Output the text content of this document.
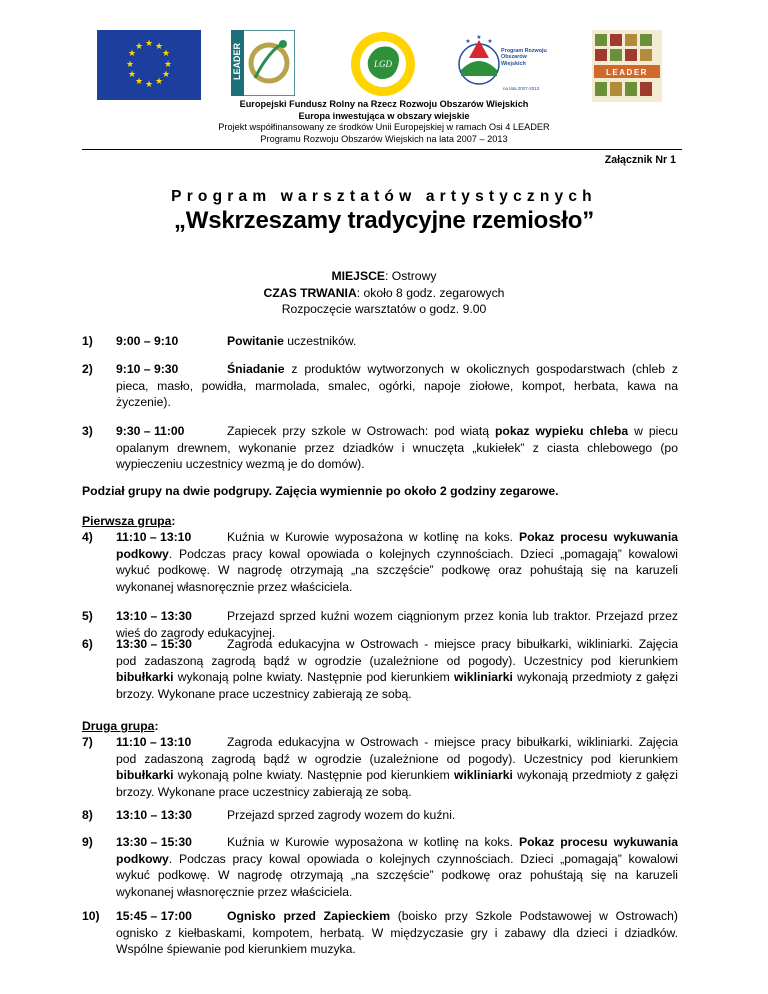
★ ★
★
★
★
★
★
★
★
★
★
★	LEADER	LGD
★
★
★
Program Rozwoju Obszarów Wiejskich
na lata 2007-2013
LEADER
Europejski Fundusz Rolny na Rzecz Rozwoju Obszarów Wiejskich
Europa inwestująca w obszary wiejskie
Projekt współfinansowany ze środków Unii Europejskiej w ramach Osi 4 LEADER
Programu Rozwoju Obszarów Wiejskich na lata 2007 – 2013
Załącznik Nr 1
Program warsztatów artystycznych
„Wskrzeszamy tradycyjne rzemiosło”
MIEJSCE: Ostrowy
CZAS TRWANIA: około 8 godz. zegarowych
Rozpoczęcie warsztatów o godz. 9.00
1) 9:00 – 9:10	Powitanie uczestników.
2) 9:10 – 9:30	Śniadanie z produktów wytworzonych w okolicznych gospodarstwach (chleb z pieca, masło, powidła, marmolada, smalec, ogórki, napoje ziołowe, kompot, herbata, kawa na życzenie).
3) 9:30 – 11:00	Zapiecek przy szkole w Ostrowach: pod wiatą pokaz wypieku chleba w piecu opalanym drewnem, wykonanie przez dziadków i wnuczęta „kukiełek” z ciasta chlebowego (po wypieczeniu uczestnicy wezmą je do domów).
Podział grupy na dwie podgrupy. Zajęcia wymiennie po około 2 godziny zegarowe.
Pierwsza grupa:
4) 11:10 – 13:10	Kuźnia w Kurowie wyposażona w kotlinę na koks. Pokaz procesu wykuwania podkowy. Podczas pracy kowal opowiada o kolejnych czynnościach. Dzieci „pomagają” kowalowi wykuć podkowę. W nagrodę otrzymają „na szczęście” podkowę oraz pohuśtają się na karuzeli wykonanej własnoręcznie przez właściciela.
5) 13:10 – 13:30	Przejazd sprzed kuźni wozem ciągnionym przez konia lub traktor. Przejazd przez wieś do zagrody edukacyjnej.
6) 13:30 – 15:30	Zagroda edukacyjna w Ostrowach - miejsce pracy bibułkarki, wikliniarki. Zajęcia pod zadaszoną zagrodą bądź w ogrodzie (uzależnione od pogody). Uczestnicy pod kierunkiem bibułkarki wykonają polne kwiaty. Następnie pod kierunkiem wikliniarki wykonają przedmioty z gałęzi brzozy. Wykonane prace uczestnicy zabierają ze sobą.
Druga grupa:
7) 11:10 – 13:10	Zagroda edukacyjna w Ostrowach - miejsce pracy bibułkarki, wikliniarki. Zajęcia pod zadaszoną zagrodą bądź w ogrodzie (uzależnione od pogody). Uczestnicy pod kierunkiem bibułkarki wykonają polne kwiaty. Następnie pod kierunkiem wikliniarki wykonają przedmioty z gałęzi brzozy. Wykonane prace uczestnicy zabierają ze sobą.
8) 13:10 – 13:30	Przejazd sprzed zagrody wozem do kuźni.
9) 13:30 – 15:30	Kuźnia w Kurowie wyposażona w kotlinę na koks. Pokaz procesu wykuwania podkowy. Podczas pracy kowal opowiada o kolejnych czynnościach. Dzieci „pomagają” kowalowi wykuć podkowę. W nagrodę otrzymają „na szczęście” podkowę oraz pohuśtają się na karuzeli wykonanej własnoręcznie przez właściciela.
10) 15:45 – 17:00	Ognisko przed Zapieckiem (boisko przy Szkole Podstawowej w Ostrowach) ognisko z kiełbaskami, kompotem, herbatą. W międzyczasie gry i zabawy dla dzieci i dziadków. Wspólne śpiewanie pod kierunkiem muzyka.
